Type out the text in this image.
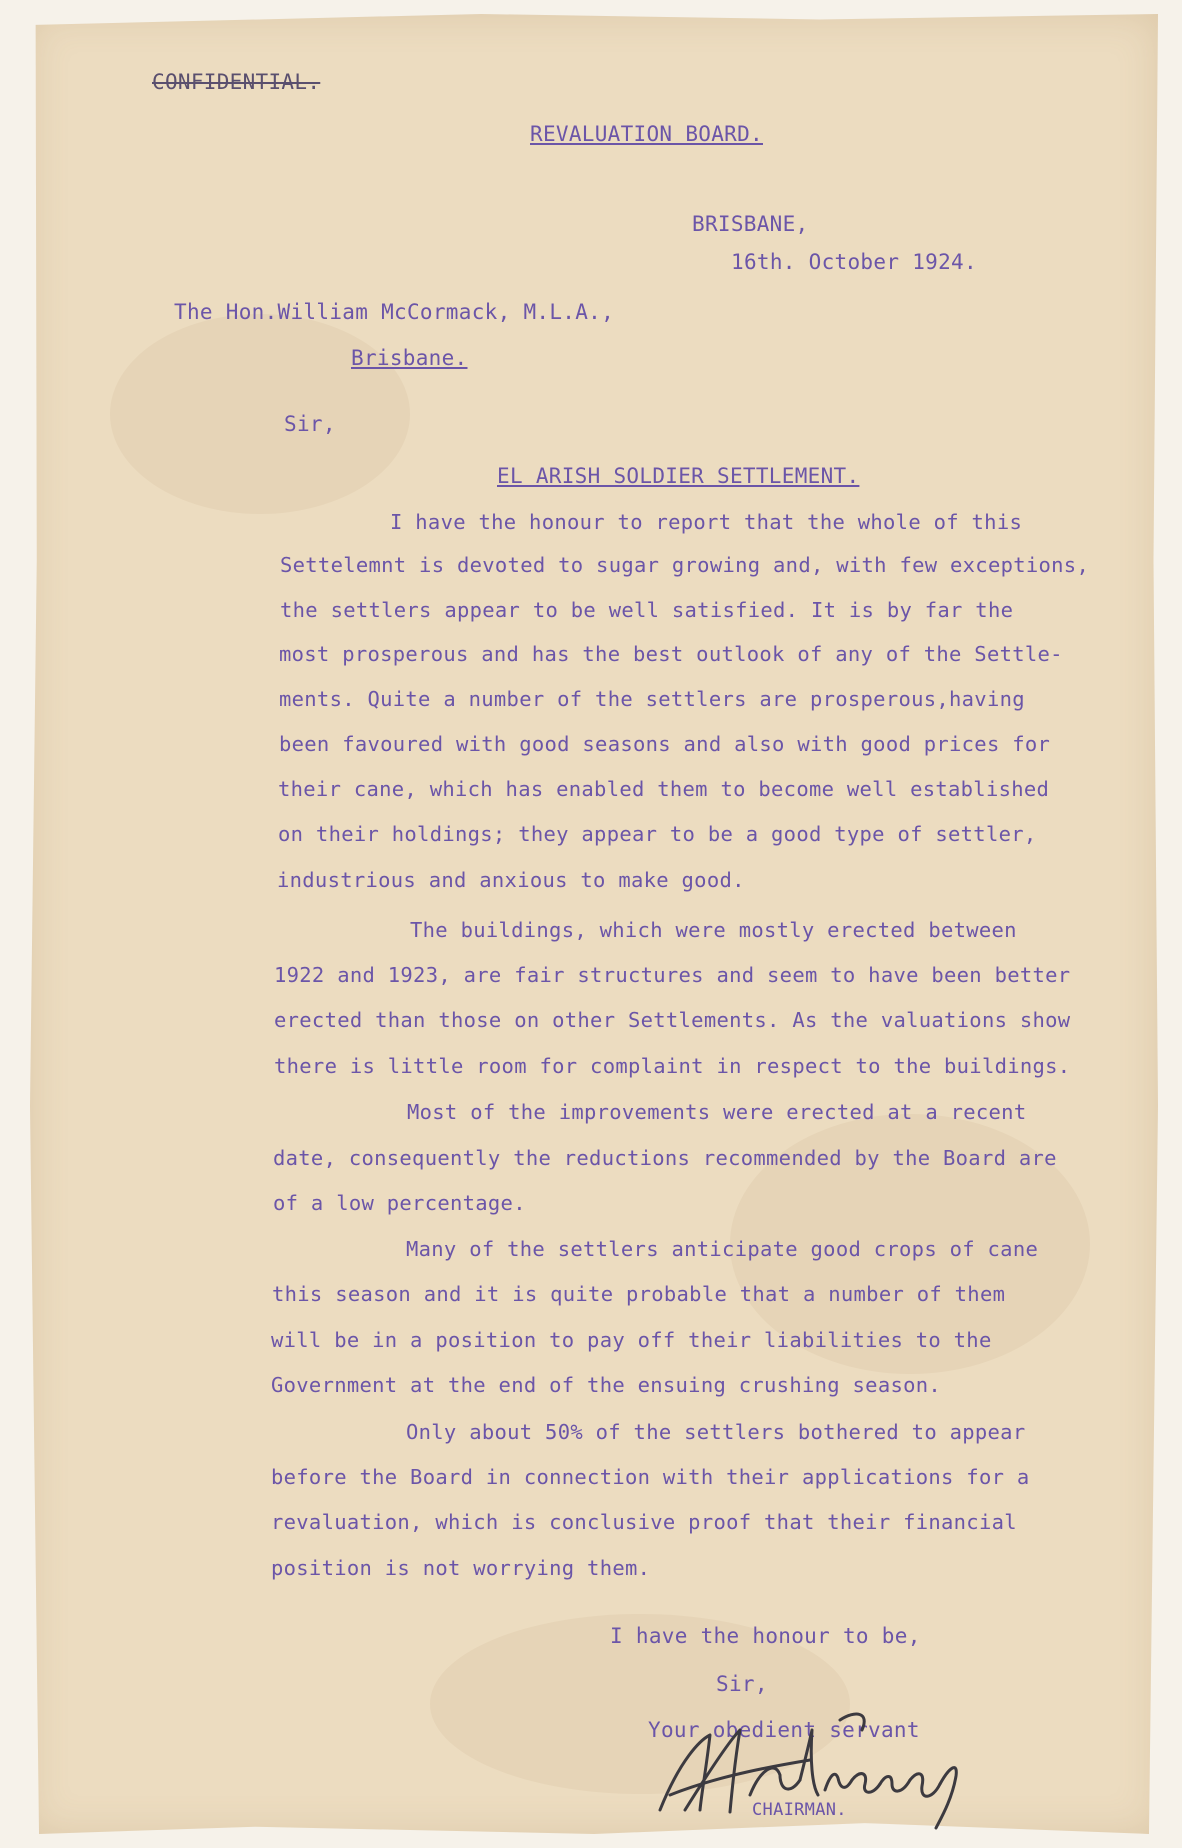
CONFIDENTIAL.
REVALUATION BOARD.
BRISBANE,
16th. October 1924.
The Hon.William McCormack, M.L.A.,
Brisbane.
Sir,
EL ARISH SOLDIER SETTLEMENT.
I have the honour to report that the whole of this
Settelemnt is devoted to sugar growing and, with few exceptions,
the settlers appear to be well satisfied. It is by far the
most prosperous and has the best outlook of any of the Settle-
ments. Quite a number of the settlers are prosperous,having
been favoured with good seasons and also with good prices for
their cane, which has enabled them to become well established
on their holdings; they appear to be a good type of settler,
industrious and anxious to make good.
The buildings, which were mostly erected between
1922 and 1923, are fair structures and seem to have been better
erected than those on other Settlements. As the valuations show
there is little room for complaint in respect to the buildings.
Most of the improvements were erected at a recent
date, consequently the reductions recommended by the Board are
of a low percentage.
Many of the settlers anticipate good crops of cane
this season and it is quite probable that a number of them
will be in a position to pay off their liabilities to the
Government at the end of the ensuing crushing season.
Only about 50% of the settlers bothered to appear
before the Board in connection with their applications for a
revaluation, which is conclusive proof that their financial
position is not worrying them.
I have the honour to be,
Sir,
Your obedient servant
CHAIRMAN.
